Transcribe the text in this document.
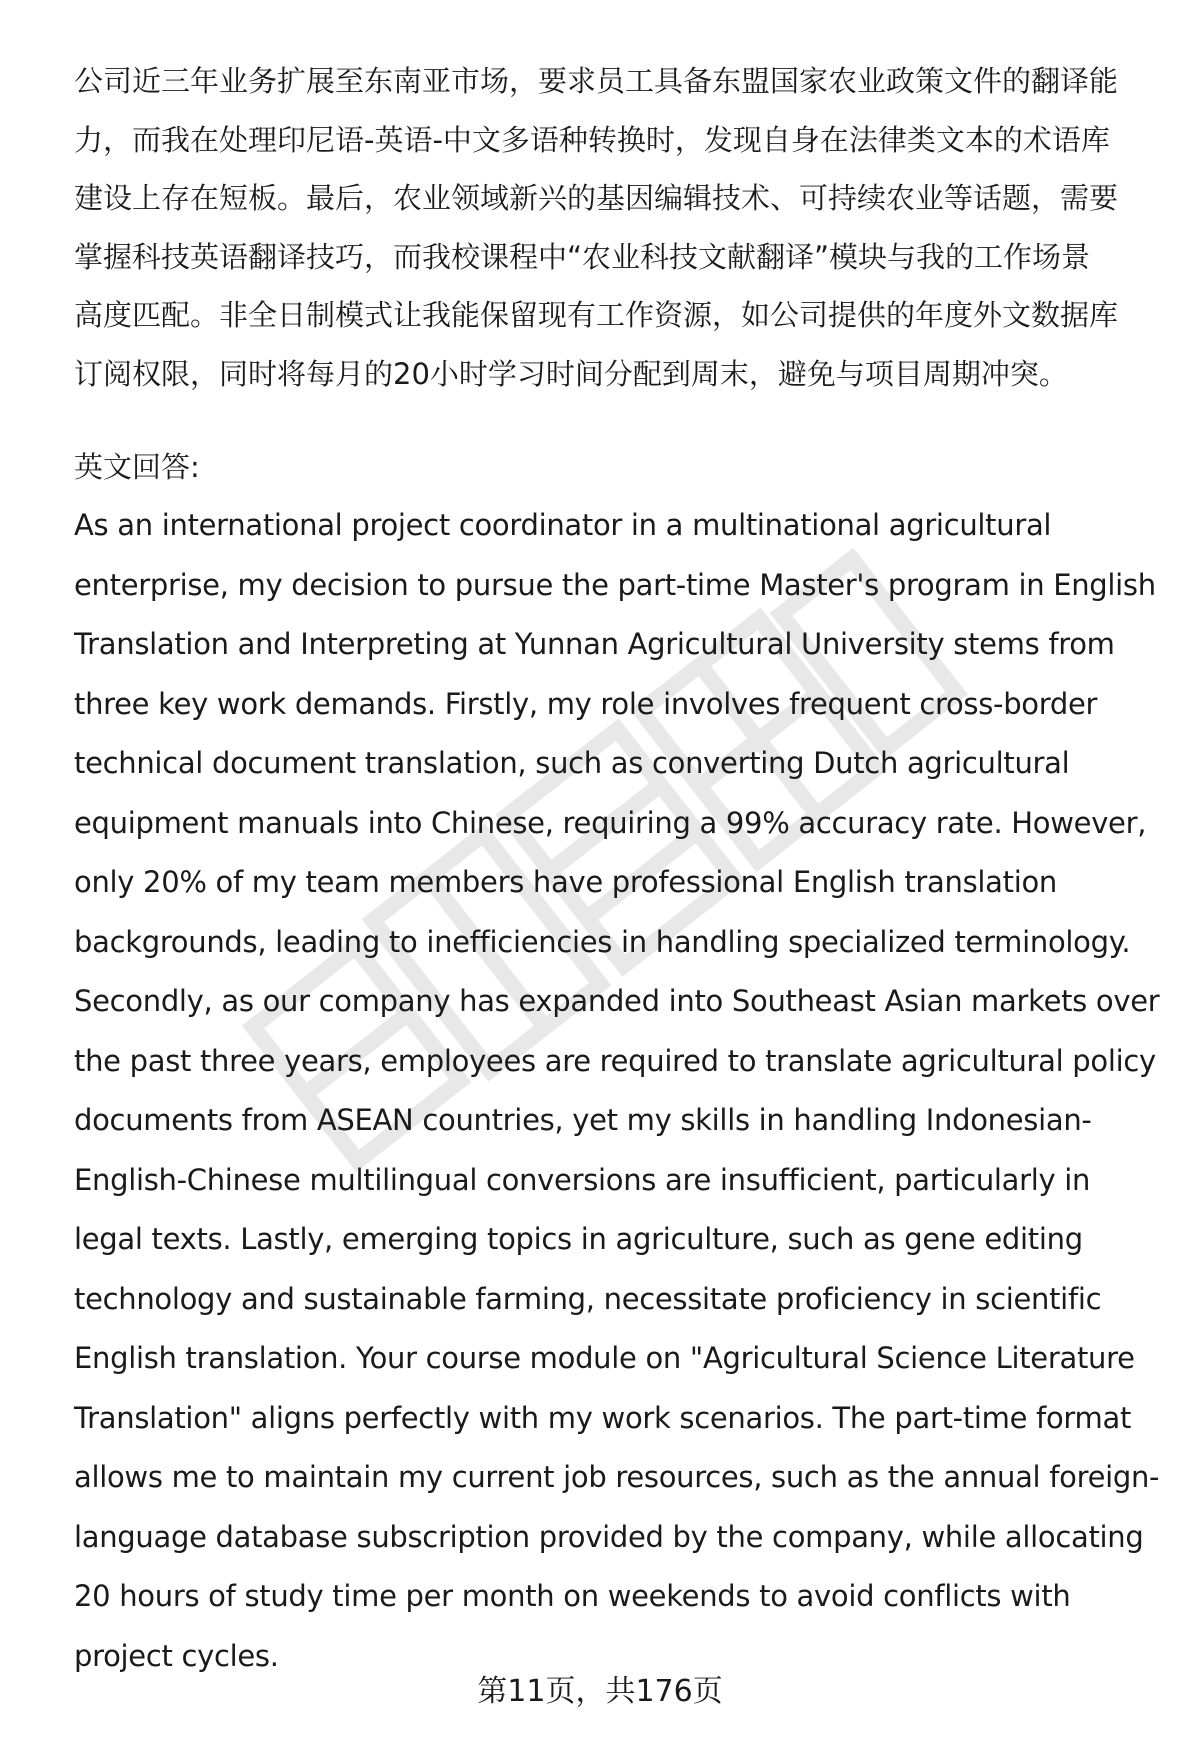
公司近三年业务扩展至东南亚市场，要求员工具备东盟国家农业政策文件的翻译能
力，而我在处理印尼语-英语-中文多语种转换时，发现自身在法律类文本的术语库
建设上存在短板。最后，农业领域新兴的基因编辑技术、可持续农业等话题，需要
掌握科技英语翻译技巧，而我校课程中“农业科技文献翻译”模块与我的工作场景
高度匹配。非全日制模式让我能保留现有工作资源，如公司提供的年度外文数据库
订阅权限，同时将每月的20小时学习时间分配到周末，避免与项目周期冲突。
英文回答:
As an international project coordinator in a multinational agricultural
enterprise, my decision to pursue the part-time Master's program in English
Translation and Interpreting at Yunnan Agricultural University stems from
three key work demands. Firstly, my role involves frequent cross-border
technical document translation, such as converting Dutch agricultural
equipment manuals into Chinese, requiring a 99% accuracy rate. However,
only 20% of my team members have professional English translation
backgrounds, leading to inefficiencies in handling specialized terminology.
Secondly, as our company has expanded into Southeast Asian markets over
the past three years, employees are required to translate agricultural policy
documents from ASEAN countries, yet my skills in handling Indonesian-
English-Chinese multilingual conversions are insufficient, particularly in
legal texts. Lastly, emerging topics in agriculture, such as gene editing
technology and sustainable farming, necessitate proficiency in scientific
English translation. Your course module on "Agricultural Science Literature
Translation" aligns perfectly with my work scenarios. The part-time format
allows me to maintain my current job resources, such as the annual foreign-
language database subscription provided by the company, while allocating
20 hours of study time per month on weekends to avoid conflicts with
project cycles.
第11页，共176页
